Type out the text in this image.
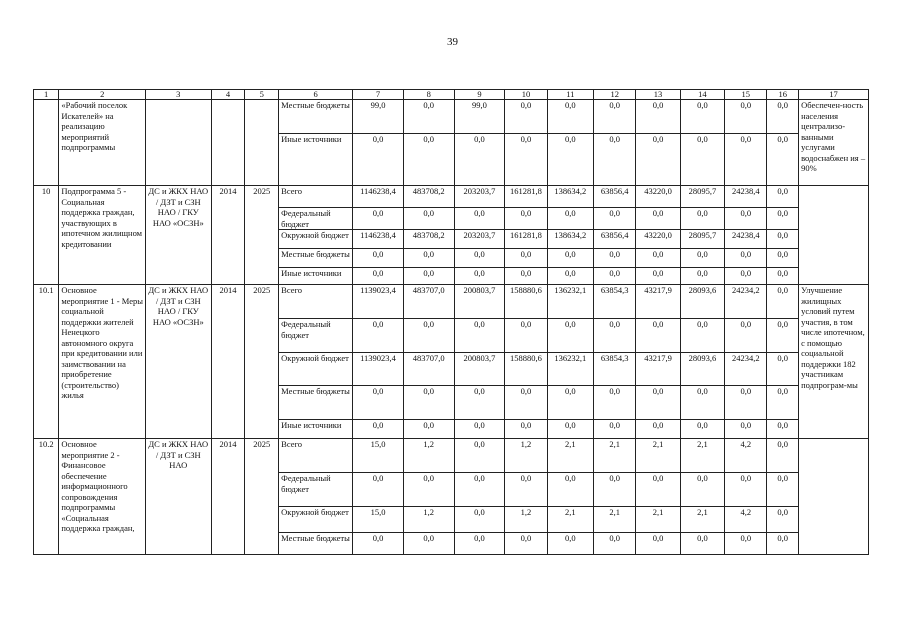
39
1	2	3	4	5	6	7	8	9	10	11	12	13	14	15	16	17
	«Рабочий поселок Искателей» на реализацию мероприятий подпрограммы				Местные бюджеты	99,0	0,0	99,0	0,0	0,0	0,0	0,0	0,0	0,0	0,0	Обеспечен-ность населения централизо-ванными услугами водоснабжен ия – 90%
					Иные источники	0,0	0,0	0,0	0,0	0,0	0,0	0,0	0,0	0,0	0,0	
10	Подпрограмма 5 - Социальная поддержка граждан, участвующих в ипотечном жилищном кредитовании	ДС и ЖКХ НАО / ДЗТ и СЗН НАО / ГКУ НАО «ОСЗН»	2014	2025	Всего	1146238,4	483708,2	203203,7	161281,8	138634,2	63856,4	43220,0	28095,7	24238,4	0,0	
					Федеральный бюджет	0,0	0,0	0,0	0,0	0,0	0,0	0,0	0,0	0,0	0,0	
					Окружной бюджет	1146238,4	483708,2	203203,7	161281,8	138634,2	63856,4	43220,0	28095,7	24238,4	0,0	
					Местные бюджеты	0,0	0,0	0,0	0,0	0,0	0,0	0,0	0,0	0,0	0,0	
					Иные источники	0,0	0,0	0,0	0,0	0,0	0,0	0,0	0,0	0,0	0,0	
10.1	Основное мероприятие 1 - Меры социальной поддержки жителей Ненецкого автономного округа при кредитовании или заимствовании на приобретение (строительство) жилья	ДС и ЖКХ НАО / ДЗТ и СЗН НАО / ГКУ НАО «ОСЗН»	2014	2025	Всего	1139023,4	483707,0	200803,7	158880,6	136232,1	63854,3	43217,9	28093,6	24234,2	0,0	Улучшение жилищных условий путем участия, в том числе ипотечном, с помощью социальной поддержки 182 участникам подпрограм-мы
					Федеральный бюджет	0,0	0,0	0,0	0,0	0,0	0,0	0,0	0,0	0,0	0,0	
					Окружной бюджет	1139023,4	483707,0	200803,7	158880,6	136232,1	63854,3	43217,9	28093,6	24234,2	0,0	
					Местные бюджеты	0,0	0,0	0,0	0,0	0,0	0,0	0,0	0,0	0,0	0,0	
					Иные источники	0,0	0,0	0,0	0,0	0,0	0,0	0,0	0,0	0,0	0,0	
10.2	Основное мероприятие 2 - Финансовое обеспечение информационного сопровождения подпрограммы «Социальная поддержка граждан,	ДС и ЖКХ НАО / ДЗТ и СЗН НАО	2014	2025	Всего	15,0	1,2	0,0	1,2	2,1	2,1	2,1	2,1	4,2	0,0	
					Федеральный бюджет	0,0	0,0	0,0	0,0	0,0	0,0	0,0	0,0	0,0	0,0	
					Окружной бюджет	15,0	1,2	0,0	1,2	2,1	2,1	2,1	2,1	4,2	0,0	
					Местные бюджеты	0,0	0,0	0,0	0,0	0,0	0,0	0,0	0,0	0,0	0,0	
